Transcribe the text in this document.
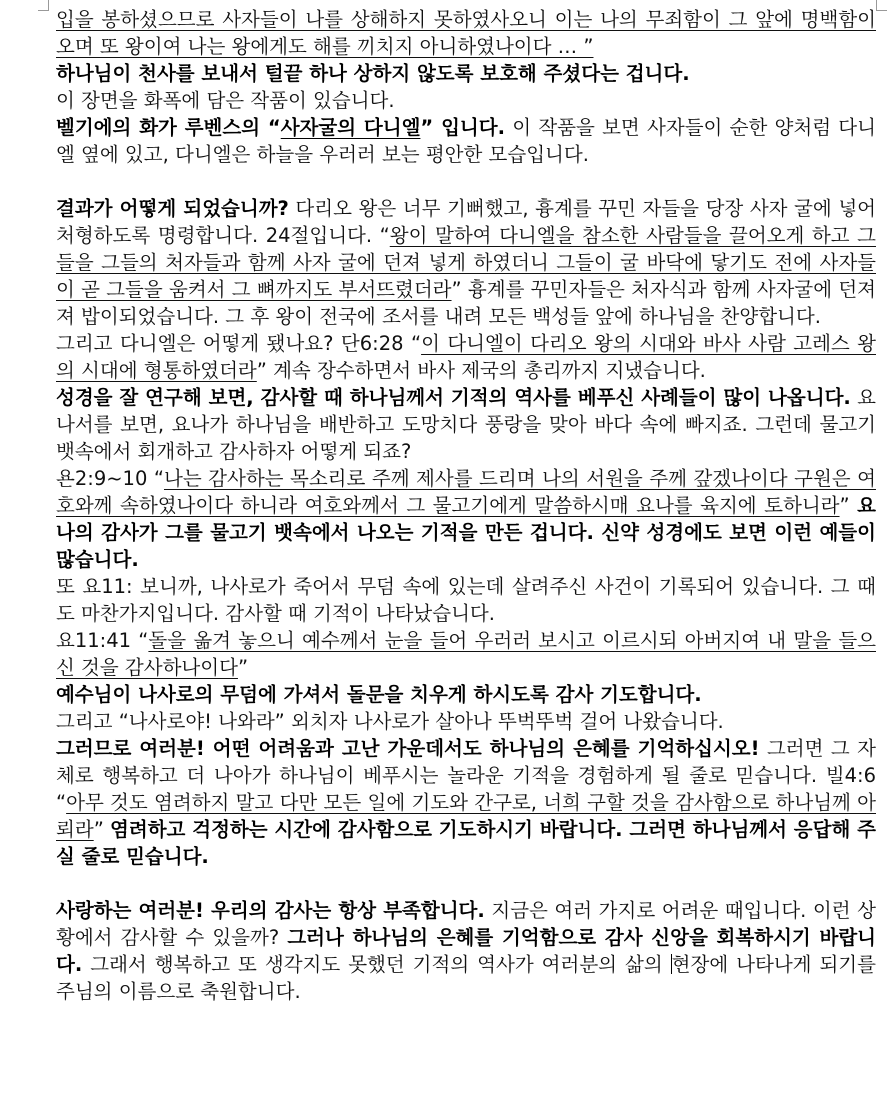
입을 봉하셨으므로 사자들이 나를 상해하지 못하였사오니 이는 나의 무죄함이 그 앞에 명백함이오며 또 왕이여 나는 왕에게도 해를 끼치지 아니하였나이다 … ”

하나님이 천사를 보내서 털끝 하나 상하지 않도록 보호해 주셨다는 겁니다.

이 장면을 화폭에 담은 작품이 있습니다.

벨기에의 화가 루벤스의 “사자굴의 다니엘” 입니다. 이 작품을 보면 사자들이 순한 양처럼 다니엘 옆에 있고, 다니엘은 하늘을 우러러 보는 평안한 모습입니다.

결과가 어떻게 되었습니까? 다리오 왕은 너무 기뻐했고, 흉계를 꾸민 자들을 당장 사자 굴에 넣어 처형하도록 명령합니다. 24절입니다. “왕이 말하여 다니엘을 참소한 사람들을 끌어오게 하고 그들을 그들의 처자들과 함께 사자 굴에 던져 넣게 하였더니 그들이 굴 바닥에 닿기도 전에 사자들이 곧 그들을 움켜서 그 뼈까지도 부서뜨렸더라” 흉계를 꾸민자들은 처자식과 함께 사자굴에 던져져 밥이되었습니다. 그 후 왕이 전국에 조서를 내려 모든 백성들 앞에 하나님을 찬양합니다.

그리고 다니엘은 어떻게 됐나요? 단6:28 “이 다니엘이 다리오 왕의 시대와 바사 사람 고레스 왕의 시대에 형통하였더라” 계속 장수하면서 바사 제국의 총리까지 지냈습니다.

성경을 잘 연구해 보면, 감사할 때 하나님께서 기적의 역사를 베푸신 사례들이 많이 나옵니다. 요나서를 보면, 요나가 하나님을 배반하고 도망치다 풍랑을 맞아 바다 속에 빠지죠. 그런데 물고기 뱃속에서 회개하고 감사하자 어떻게 되죠?

욘2:9~10 “나는 감사하는 목소리로 주께 제사를 드리며 나의 서원을 주께 갚겠나이다 구원은 여호와께 속하였나이다 하니라 여호와께서 그 물고기에게 말씀하시매 요나를 육지에 토하니라” 요나의 감사가 그를 물고기 뱃속에서 나오는 기적을 만든 겁니다. 신약 성경에도 보면 이런 예들이 많습니다.

또 요11: 보니까, 나사로가 죽어서 무덤 속에 있는데 살려주신 사건이 기록되어 있습니다. 그 때도 마찬가지입니다. 감사할 때 기적이 나타났습니다.

요11:41 “돌을 옮겨 놓으니 예수께서 눈을 들어 우러러 보시고 이르시되 아버지여 내 말을 들으신 것을 감사하나이다”

예수님이 나사로의 무덤에 가셔서 돌문을 치우게 하시도록 감사 기도합니다.

그리고 “나사로야! 나와라” 외치자 나사로가 살아나 뚜벅뚜벅 걸어 나왔습니다.

그러므로 여러분! 어떤 어려움과 고난 가운데서도 하나님의 은혜를 기억하십시오! 그러면 그 자체로 행복하고 더 나아가 하나님이 베푸시는 놀라운 기적을 경험하게 될 줄로 믿습니다. 빌4:6 “아무 것도 염려하지 말고 다만 모든 일에 기도와 간구로, 너희 구할 것을 감사함으로 하나님께 아뢰라” 염려하고 걱정하는 시간에 감사함으로 기도하시기 바랍니다. 그러면 하나님께서 응답해 주실 줄로 믿습니다.

사랑하는 여러분! 우리의 감사는 항상 부족합니다. 지금은 여러 가지로 어려운 때입니다. 이런 상황에서 감사할 수 있을까? 그러나 하나님의 은혜를 기억함으로 감사 신앙을 회복하시기 바랍니다. 그래서 행복하고 또 생각지도 못했던 기적의 역사가 여러분의 삶의 현장에 나타나게 되기를 주님의 이름으로 축원합니다.
